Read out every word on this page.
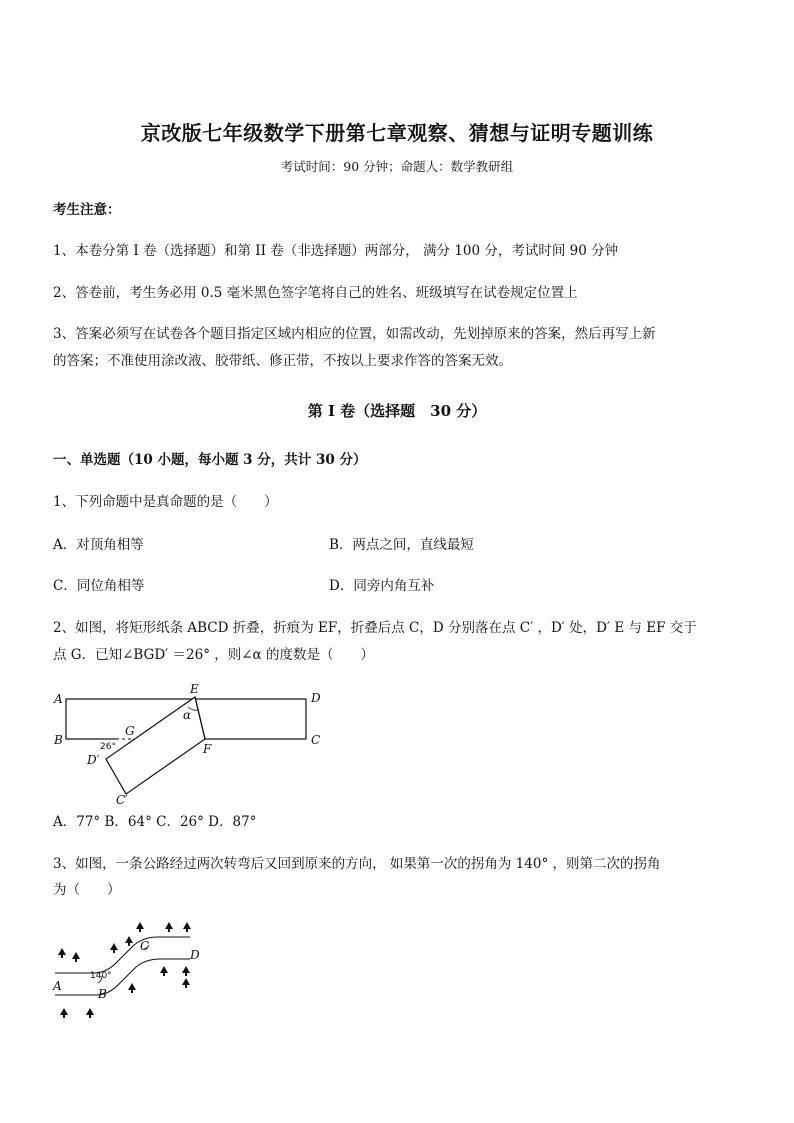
京改版七年级数学下册第七章观察、猜想与证明专题训练
考试时间：90 分钟；命题人：数学教研组
考生注意：
1、本卷分第 I 卷（选择题）和第 II 卷（非选择题）两部分， 满分 100 分，考试时间 90 分钟
2、答卷前，考生务必用 0.5 毫米黑色签字笔将自己的姓名、班级填写在试卷规定位置上
3、答案必须写在试卷各个题目指定区域内相应的位置，如需改动，先划掉原来的答案，然后再写上新
的答案；不准使用涂改液、胶带纸、修正带，不按以上要求作答的答案无效。
第 I 卷（选择题　30 分）
一、单选题（10 小题，每小题 3 分，共计 30 分）
1、下列命题中是真命题的是（　　）
A．对顶角相等	B．两点之间，直线最短
C．同位角相等	D．同旁内角互补
2、如图，将矩形纸条 ABCD 折叠，折痕为 EF，折叠后点 C，D 分别落在点 C′ ，D′ 处，D′ E 与 EF 交于
点 G．已知∠BGD′ ＝26° ，则∠α 的度数是（　　）
A
B	C
D
E
F
G
D′
C′
α
26°
A．77° B．64° C．26° D．87°
3、如图，一条公路经过两次转弯后又回到原来的方向， 如果第一次的拐角为 140° ，则第二次的拐角
为（　　）
A
B
C
D
140°
